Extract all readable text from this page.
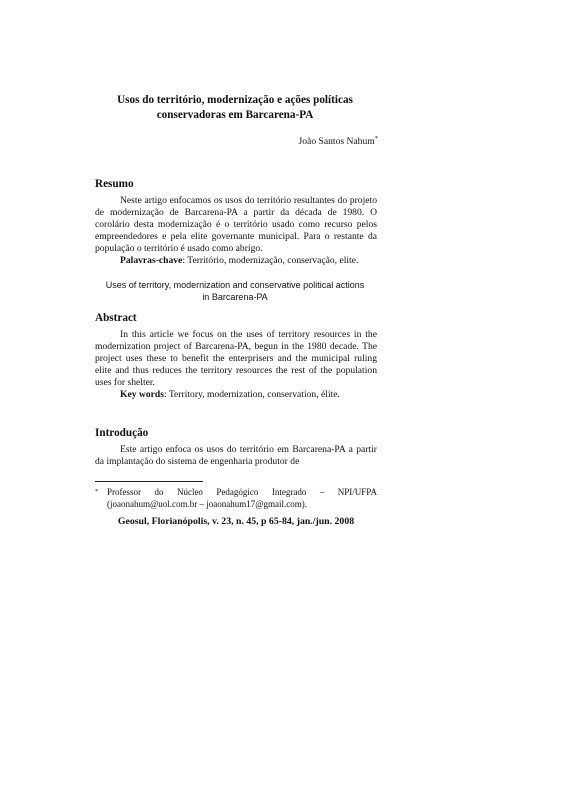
Usos do território, modernização e ações políticas
conservadoras em Barcarena-PA
João Santos Nahum*
Resumo

Neste artigo enfocamos os usos do território resultantes do projeto de modernização de Barcarena-PA a partir da década de 1980. O corolário desta modernização é o território usado como recurso pelos empreendedores e pela elite governante municipal. Para o restante da população o território é usado como abrigo.

Palavras-chave: Território, modernização, conservação, elite.

Uses of territory, modernization and conservative political actions
in Barcarena-PA
Abstract

In this article we focus on the uses of territory resources in the modernization project of Barcarena-PA, begun in the 1980 decade. The project uses these to benefit the enterprisers and the municipal ruling elite and thus reduces the territory resources the rest of the population uses for shelter.

Key words: Territory, modernization, conservation, élite.

Introdução

Este artigo enfoca os usos do território em Barcarena-PA a partir da implantação do sistema de engenharia produtor de

* Professor do Núcleo Pedagógico Integrado – NPI/UFPA (joaonahum@uol.com.br – joaonahum17@gmail.com).
Geosul, Florianópolis, v. 23, n. 45, p 65-84, jan./jun. 2008
